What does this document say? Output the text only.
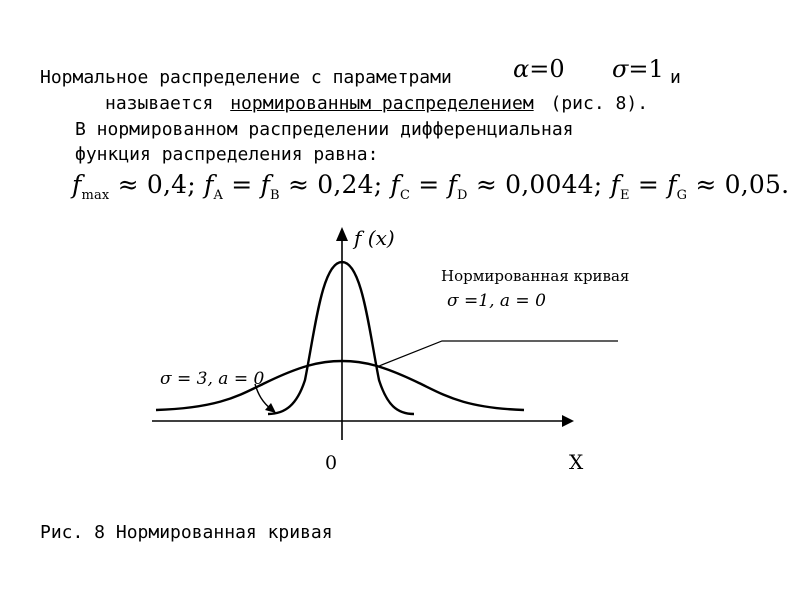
Нормальное распределение с параметрами	и
α=0 σ=1
называется нормированным распределением (рис. 8).
В нормированном распределении дифференциальная
функция распределения равна:
$f_{max} \approx 0,4$; $f_A = f_B \approx 0,24$; $f_C = f_D \approx 0,0044$; $f_E = f_G \approx 0,05$.
f (x)
X
0
Нормированная кривая
σ =1, a = 0
σ = 3, a = 0
Рис. 8 Нормированная кривая
